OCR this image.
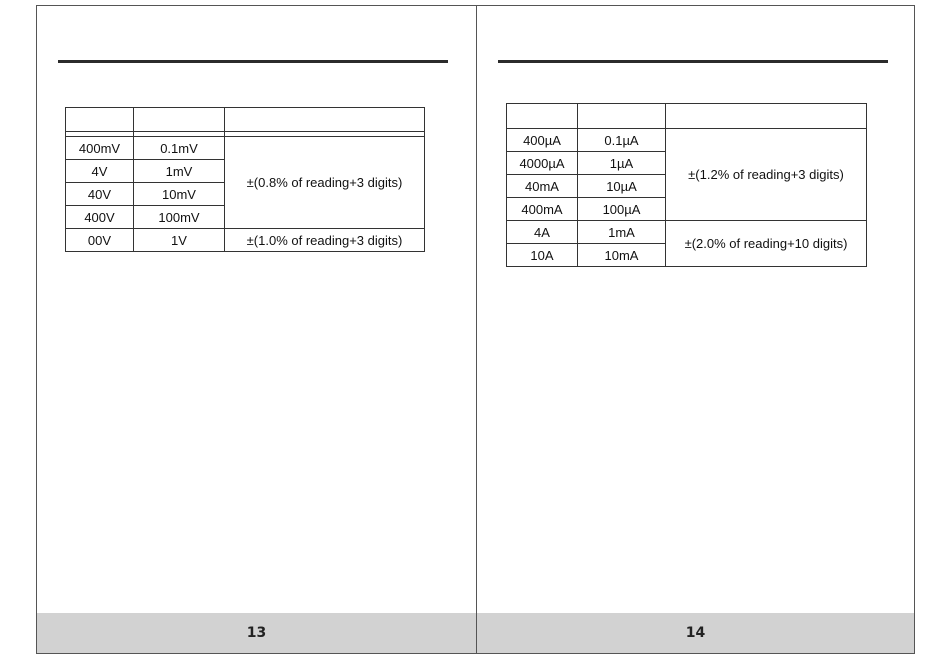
400mV	0.1mV	±(0.8% of reading+3 digits)
4V	1mV	
40V	10mV	
400V	100mV	
00V	1V	±(1.0% of reading+3 digits)
13

400µA	0.1µA	±(1.2% of reading+3 digits)
4000µA	1µA	
40mA	10µA	
400mA	100µA	
4A	1mA	±(2.0% of reading+10 digits)
10A	10mA	
14
